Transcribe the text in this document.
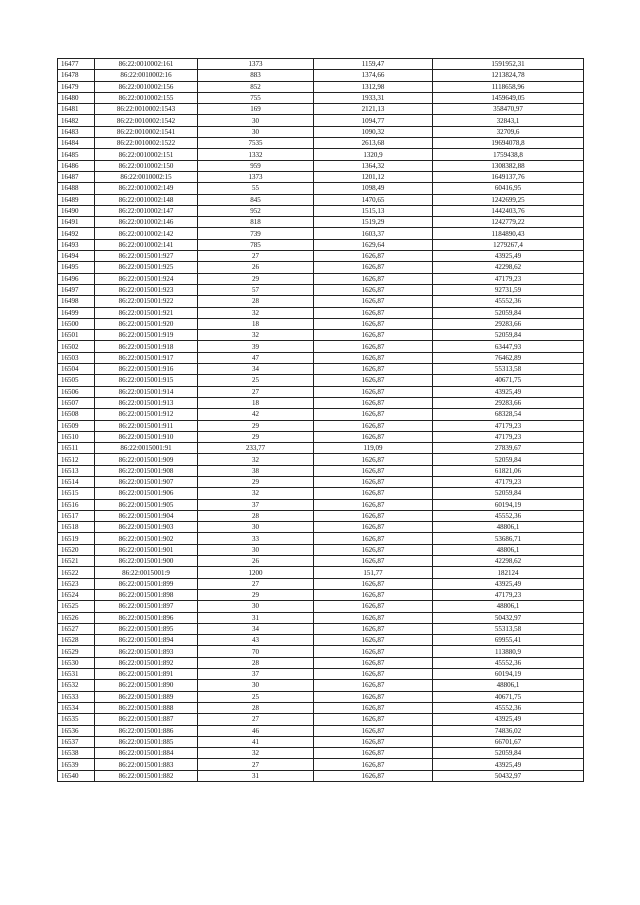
16477	86:22:0010002:161	1373	1159,47	1591952,31
16478	86:22:0010002:16	883	1374,66	1213824,78
16479	86:22:0010002:156	852	1312,98	1118658,96
16480	86:22:0010002:155	755	1933,31	1459649,05
16481	86:22:0010002:1543	169	2121,13	358470,97
16482	86:22:0010002:1542	30	1094,77	32843,1
16483	86:22:0010002:1541	30	1090,32	32709,6
16484	86:22:0010002:1522	7535	2613,68	19694078,8
16485	86:22:0010002:151	1332	1320,9	1759438,8
16486	86:22:0010002:150	959	1364,32	1308382,88
16487	86:22:0010002:15	1373	1201,12	1649137,76
16488	86:22:0010002:149	55	1098,49	60416,95
16489	86:22:0010002:148	845	1470,65	1242699,25
16490	86:22:0010002:147	952	1515,13	1442403,76
16491	86:22:0010002:146	818	1519,29	1242779,22
16492	86:22:0010002:142	739	1603,37	1184890,43
16493	86:22:0010002:141	785	1629,64	1279267,4
16494	86:22:0015001:927	27	1626,87	43925,49
16495	86:22:0015001:925	26	1626,87	42298,62
16496	86:22:0015001:924	29	1626,87	47179,23
16497	86:22:0015001:923	57	1626,87	92731,59
16498	86:22:0015001:922	28	1626,87	45552,36
16499	86:22:0015001:921	32	1626,87	52059,84
16500	86:22:0015001:920	18	1626,87	29283,66
16501	86:22:0015001:919	32	1626,87	52059,84
16502	86:22:0015001:918	39	1626,87	63447,93
16503	86:22:0015001:917	47	1626,87	76462,89
16504	86:22:0015001:916	34	1626,87	55313,58
16505	86:22:0015001:915	25	1626,87	40671,75
16506	86:22:0015001:914	27	1626,87	43925,49
16507	86:22:0015001:913	18	1626,87	29283,66
16508	86:22:0015001:912	42	1626,87	68328,54
16509	86:22:0015001:911	29	1626,87	47179,23
16510	86:22:0015001:910	29	1626,87	47179,23
16511	86:22:0015001:91	233,77	119,09	27839,67
16512	86:22:0015001:909	32	1626,87	52059,84
16513	86:22:0015001:908	38	1626,87	61821,06
16514	86:22:0015001:907	29	1626,87	47179,23
16515	86:22:0015001:906	32	1626,87	52059,84
16516	86:22:0015001:905	37	1626,87	60194,19
16517	86:22:0015001:904	28	1626,87	45552,36
16518	86:22:0015001:903	30	1626,87	48806,1
16519	86:22:0015001:902	33	1626,87	53686,71
16520	86:22:0015001:901	30	1626,87	48806,1
16521	86:22:0015001:900	26	1626,87	42298,62
16522	86:22:0015001:9	1200	151,77	182124
16523	86:22:0015001:899	27	1626,87	43925,49
16524	86:22:0015001:898	29	1626,87	47179,23
16525	86:22:0015001:897	30	1626,87	48806,1
16526	86:22:0015001:896	31	1626,87	50432,97
16527	86:22:0015001:895	34	1626,87	55313,58
16528	86:22:0015001:894	43	1626,87	69955,41
16529	86:22:0015001:893	70	1626,87	113880,9
16530	86:22:0015001:892	28	1626,87	45552,36
16531	86:22:0015001:891	37	1626,87	60194,19
16532	86:22:0015001:890	30	1626,87	48806,1
16533	86:22:0015001:889	25	1626,87	40671,75
16534	86:22:0015001:888	28	1626,87	45552,36
16535	86:22:0015001:887	27	1626,87	43925,49
16536	86:22:0015001:886	46	1626,87	74836,02
16537	86:22:0015001:885	41	1626,87	66701,67
16538	86:22:0015001:884	32	1626,87	52059,84
16539	86:22:0015001:883	27	1626,87	43925,49
16540	86:22:0015001:882	31	1626,87	50432,97
